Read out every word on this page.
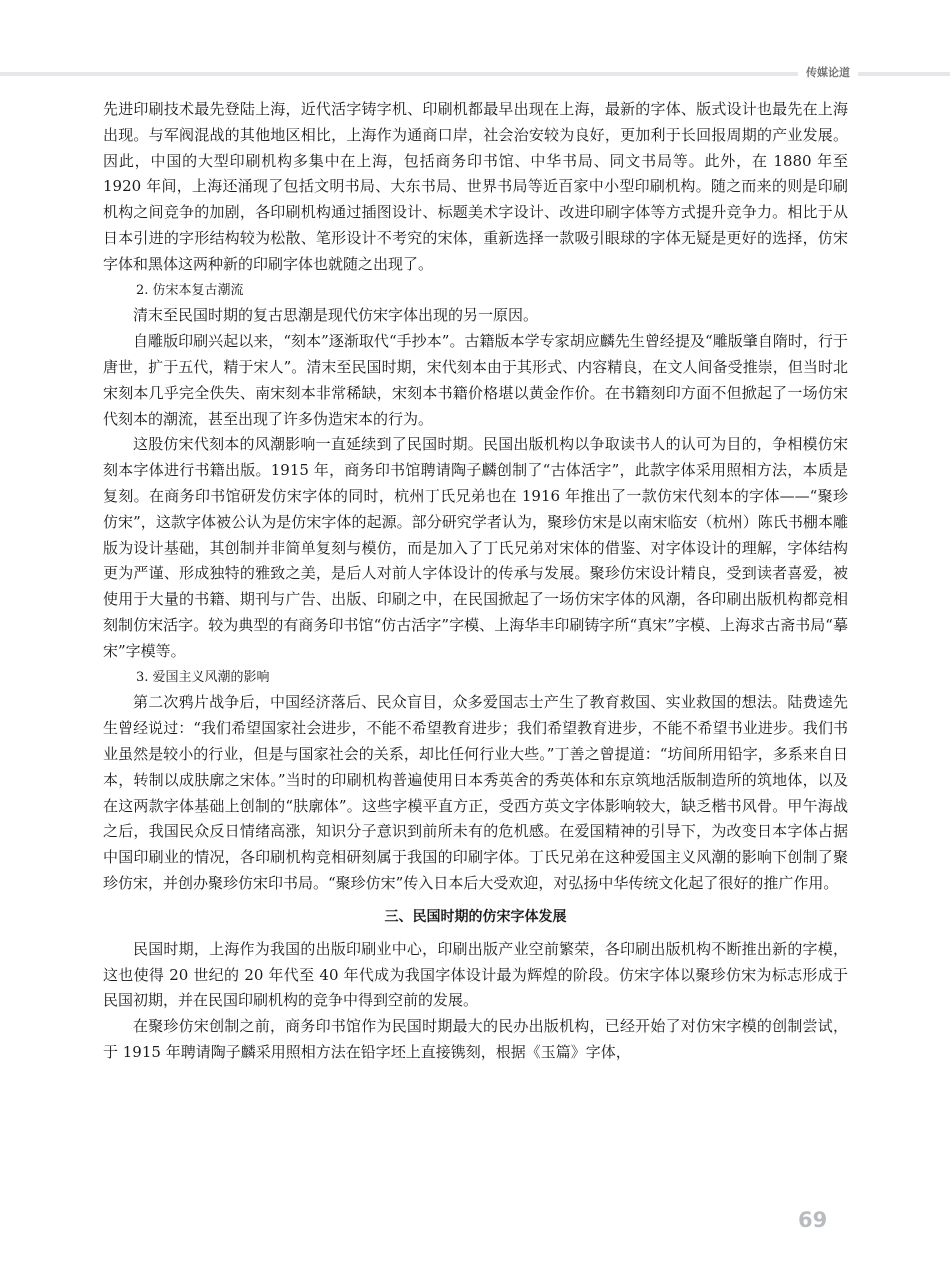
传媒论道

先进印刷技术最先登陆上海，近代活字铸字机、印刷机都最早出现在上海，最新的字体、版式设计也最先在上海出现。与军阀混战的其他地区相比，上海作为通商口岸，社会治安较为良好，更加利于长回报周期的产业发展。因此，中国的大型印刷机构多集中在上海，包括商务印书馆、中华书局、同文书局等。此外，在 1880 年至 1920 年间，上海还涌现了包括文明书局、大东书局、世界书局等近百家中小型印刷机构。随之而来的则是印刷机构之间竞争的加剧，各印刷机构通过插图设计、标题美术字设计、改进印刷字体等方式提升竞争力。相比于从日本引进的字形结构较为松散、笔形设计不考究的宋体，重新选择一款吸引眼球的字体无疑是更好的选择，仿宋字体和黑体这两种新的印刷字体也就随之出现了。

2. 仿宋本复古潮流

清末至民国时期的复古思潮是现代仿宋字体出现的另一原因。

自雕版印刷兴起以来，“刻本”逐渐取代“手抄本”。古籍版本学专家胡应麟先生曾经提及“雕版肇自隋时，行于唐世，扩于五代，精于宋人”。清末至民国时期，宋代刻本由于其形式、内容精良，在文人间备受推崇，但当时北宋刻本几乎完全佚失、南宋刻本非常稀缺，宋刻本书籍价格堪以黄金作价。在书籍刻印方面不但掀起了一场仿宋代刻本的潮流，甚至出现了许多伪造宋本的行为。

这股仿宋代刻本的风潮影响一直延续到了民国时期。民国出版机构以争取读书人的认可为目的，争相模仿宋刻本字体进行书籍出版。1915 年，商务印书馆聘请陶子麟创制了“古体活字”，此款字体采用照相方法，本质是复刻。在商务印书馆研发仿宋字体的同时，杭州丁氏兄弟也在 1916 年推出了一款仿宋代刻本的字体——“聚珍仿宋”，这款字体被公认为是仿宋字体的起源。部分研究学者认为，聚珍仿宋是以南宋临安（杭州）陈氏书棚本雕版为设计基础，其创制并非简单复刻与模仿，而是加入了丁氏兄弟对宋体的借鉴、对字体设计的理解，字体结构更为严谨、形成独特的雅致之美，是后人对前人字体设计的传承与发展。聚珍仿宋设计精良，受到读者喜爱，被使用于大量的书籍、期刊与广告、出版、印刷之中，在民国掀起了一场仿宋字体的风潮，各印刷出版机构都竞相刻制仿宋活字。较为典型的有商务印书馆“仿古活字”字模、上海华丰印刷铸字所“真宋”字模、上海求古斋书局“摹宋”字模等。

3. 爱国主义风潮的影响

第二次鸦片战争后，中国经济落后、民众盲目，众多爱国志士产生了教育救国、实业救国的想法。陆费逵先生曾经说过：“我们希望国家社会进步，不能不希望教育进步；我们希望教育进步，不能不希望书业进步。我们书业虽然是较小的行业，但是与国家社会的关系，却比任何行业大些。”丁善之曾提道：“坊间所用铅字，多系来自日本，转制以成肤廓之宋体。”当时的印刷机构普遍使用日本秀英舍的秀英体和东京筑地活版制造所的筑地体，以及在这两款字体基础上创制的“肤廓体”。这些字模平直方正，受西方英文字体影响较大，缺乏楷书风骨。甲午海战之后，我国民众反日情绪高涨，知识分子意识到前所未有的危机感。在爱国精神的引导下，为改变日本字体占据中国印刷业的情况，各印刷机构竞相研刻属于我国的印刷字体。丁氏兄弟在这种爱国主义风潮的影响下创制了聚珍仿宋，并创办聚珍仿宋印书局。“聚珍仿宋”传入日本后大受欢迎，对弘扬中华传统文化起了很好的推广作用。

三、民国时期的仿宋字体发展

民国时期，上海作为我国的出版印刷业中心，印刷出版产业空前繁荣，各印刷出版机构不断推出新的字模，这也使得 20 世纪的 20 年代至 40 年代成为我国字体设计最为辉煌的阶段。仿宋字体以聚珍仿宋为标志形成于民国初期，并在民国印刷机构的竞争中得到空前的发展。

在聚珍仿宋创制之前，商务印书馆作为民国时期最大的民办出版机构，已经开始了对仿宋字模的创制尝试，于 1915 年聘请陶子麟采用照相方法在铅字坯上直接镌刻，根据《玉篇》字体，

69
